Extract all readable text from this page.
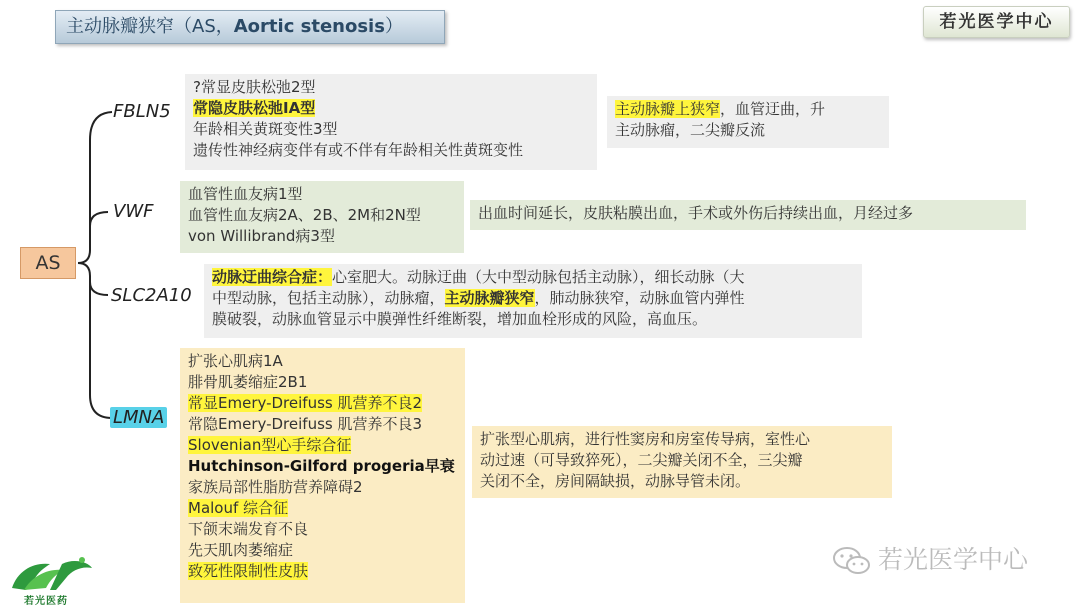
主动脉瓣狭窄（AS，Aortic stenosis）	若光医学中心
AS
FBLN5
VWF
SLC2A10
LMNA
?常显皮肤松弛2型
常隐皮肤松弛IA型
年龄相关黄斑变性3型
遗传性神经病变伴有或不伴有年龄相关性黄斑变性
主动脉瓣上狭窄，血管迂曲，升
主动脉瘤，二尖瓣反流
血管性血友病1型
血管性血友病2A、2B、2M和2N型
von Willibrand病3型
出血时间延长，皮肤粘膜出血，手术或外伤后持续出血，月经过多
动脉迂曲综合症：心室肥大。动脉迂曲（大中型动脉包括主动脉），细长动脉（大
中型动脉，包括主动脉），动脉瘤，主动脉瓣狭窄，肺动脉狭窄，动脉血管内弹性
膜破裂，动脉血管显示中膜弹性纤维断裂，增加血栓形成的风险，高血压。
扩张心肌病1A
腓骨肌萎缩症2B1
常显Emery-Dreifuss 肌营养不良2
常隐Emery-Dreifuss 肌营养不良3
Slovenian型心手综合征
Hutchinson-Gilford progeria早衰
家族局部性脂肪营养障碍2
Malouf 综合征
下颌末端发育不良
先天肌肉萎缩症
致死性限制性皮肤
扩张型心肌病，进行性窦房和房室传导病，室性心
动过速（可导致猝死），二尖瓣关闭不全，三尖瓣
关闭不全，房间隔缺损，动脉导管未闭。
若光医药
若光医学中心
